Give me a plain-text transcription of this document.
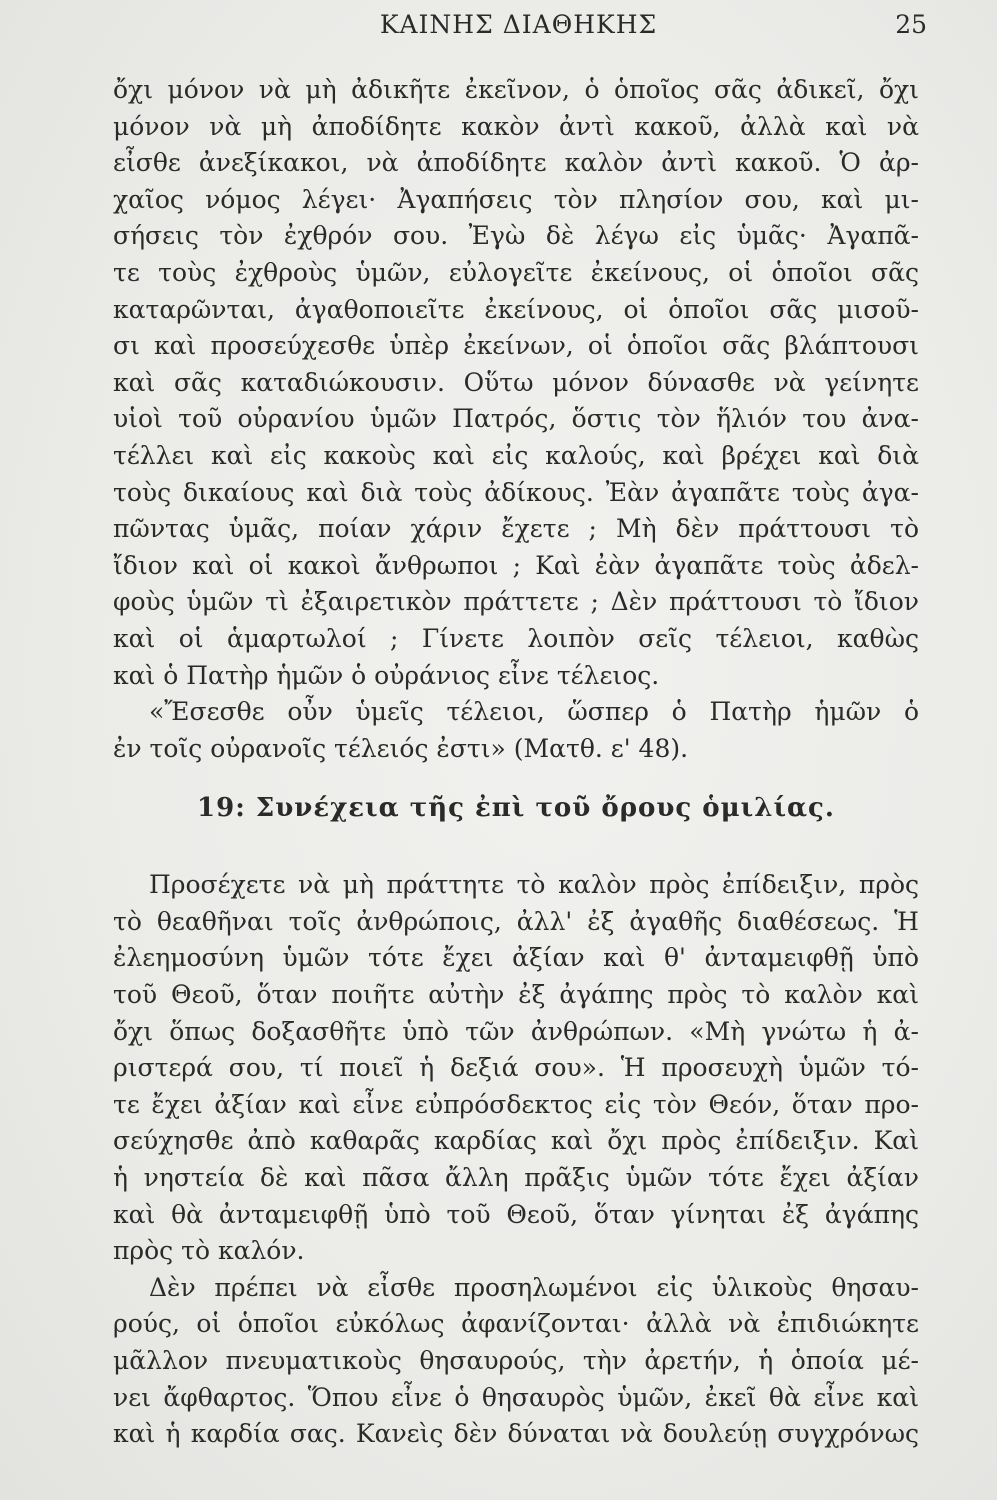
ΚΑΙΝΗΣ ΔΙΑΘΗΚΗΣ	25
ὄχι μόνον νὰ μὴ ἀδικῆτε ἐκεῖνον, ὁ ὁποῖος σᾶς ἀδικεῖ, ὄχι
μόνον νὰ μὴ ἀποδίδητε κακὸν ἀντὶ κακοῦ, ἀλλὰ καὶ νὰ
εἶσθε ἀνεξίκακοι, νὰ ἀποδίδητε καλὸν ἀντὶ κακοῦ. Ὁ ἀρ-
χαῖος νόμος λέγει· Ἀγαπήσεις τὸν πλησίον σου, καὶ μι-
σήσεις τὸν ἐχθρόν σου. Ἐγὼ δὲ λέγω εἰς ὑμᾶς· Ἀγαπᾶ-
τε τοὺς ἐχθροὺς ὑμῶν, εὐλογεῖτε ἐκείνους, οἱ ὁποῖοι σᾶς
καταρῶνται, ἀγαθοποιεῖτε ἐκείνους, οἱ ὁποῖοι σᾶς μισοῦ-
σι καὶ προσεύχεσθε ὑπὲρ ἐκείνων, οἱ ὁποῖοι σᾶς βλάπτουσι
καὶ σᾶς καταδιώκουσιν. Οὕτω μόνον δύνασθε νὰ γείνητε
υἱοὶ τοῦ οὐρανίου ὑμῶν Πατρός, ὅστις τὸν ἥλιόν του ἀνα-
τέλλει καὶ εἰς κακοὺς καὶ εἰς καλούς, καὶ βρέχει καὶ διὰ
τοὺς δικαίους καὶ διὰ τοὺς ἀδίκους. Ἐὰν ἀγαπᾶτε τοὺς ἀγα-
πῶντας ὑμᾶς, ποίαν χάριν ἔχετε ; Μὴ δὲν πράττουσι τὸ
ἴδιον καὶ οἱ κακοὶ ἄνθρωποι ; Καὶ ἐὰν ἀγαπᾶτε τοὺς ἀδελ-
φοὺς ὑμῶν τὶ ἐξαιρετικὸν πράττετε ; Δὲν πράττουσι τὸ ἴδιον
καὶ οἱ ἁμαρτωλοί ; Γίνετε λοιπὸν σεῖς τέλειοι, καθὼς
καὶ ὁ Πατὴρ ἡμῶν ὁ οὐράνιος εἶνε τέλειος.
«Ἔσεσθε οὖν ὑμεῖς τέλειοι, ὥσπερ ὁ Πατὴρ ἡμῶν ὁ
ἐν τοῖς οὐρανοῖς τέλειός ἐστι» (Ματθ. ε' 48).
19: Συνέχεια τῆς ἐπὶ τοῦ ὄρους ὁμιλίας.
Προσέχετε νὰ μὴ πράττητε τὸ καλὸν πρὸς ἐπίδειξιν, πρὸς
τὸ θεαθῆναι τοῖς ἀνθρώποις, ἀλλ' ἐξ ἀγαθῆς διαθέσεως. Ἡ
ἐλεημοσύνη ὑμῶν τότε ἔχει ἀξίαν καὶ θ' ἀνταμειφθῇ ὑπὸ
τοῦ Θεοῦ, ὅταν ποιῆτε αὐτὴν ἐξ ἀγάπης πρὸς τὸ καλὸν καὶ
ὄχι ὅπως δοξασθῆτε ὑπὸ τῶν ἀνθρώπων. «Μὴ γνώτω ἡ ἀ-
ριστερά σου, τί ποιεῖ ἡ δεξιά σου». Ἡ προσευχὴ ὑμῶν τό-
τε ἔχει ἀξίαν καὶ εἶνε εὐπρόσδεκτος εἰς τὸν Θεόν, ὅταν προ-
σεύχησθε ἀπὸ καθαρᾶς καρδίας καὶ ὄχι πρὸς ἐπίδειξιν. Καὶ
ἡ νηστεία δὲ καὶ πᾶσα ἄλλη πρᾶξις ὑμῶν τότε ἔχει ἀξίαν
καὶ θὰ ἀνταμειφθῇ ὑπὸ τοῦ Θεοῦ, ὅταν γίνηται ἐξ ἀγάπης
πρὸς τὸ καλόν.
Δὲν πρέπει νὰ εἶσθε προσηλωμένοι εἰς ὑλικοὺς θησαυ-
ρούς, οἱ ὁποῖοι εὐκόλως ἀφανίζονται· ἀλλὰ νὰ ἐπιδιώκητε
μᾶλλον πνευματικοὺς θησαυρούς, τὴν ἀρετήν, ἡ ὁποία μέ-
νει ἄφθαρτος. Ὅπου εἶνε ὁ θησαυρὸς ὑμῶν, ἐκεῖ θὰ εἶνε καὶ
καὶ ἡ καρδία σας. Κανεὶς δὲν δύναται νὰ δουλεύῃ συγχρόνως
